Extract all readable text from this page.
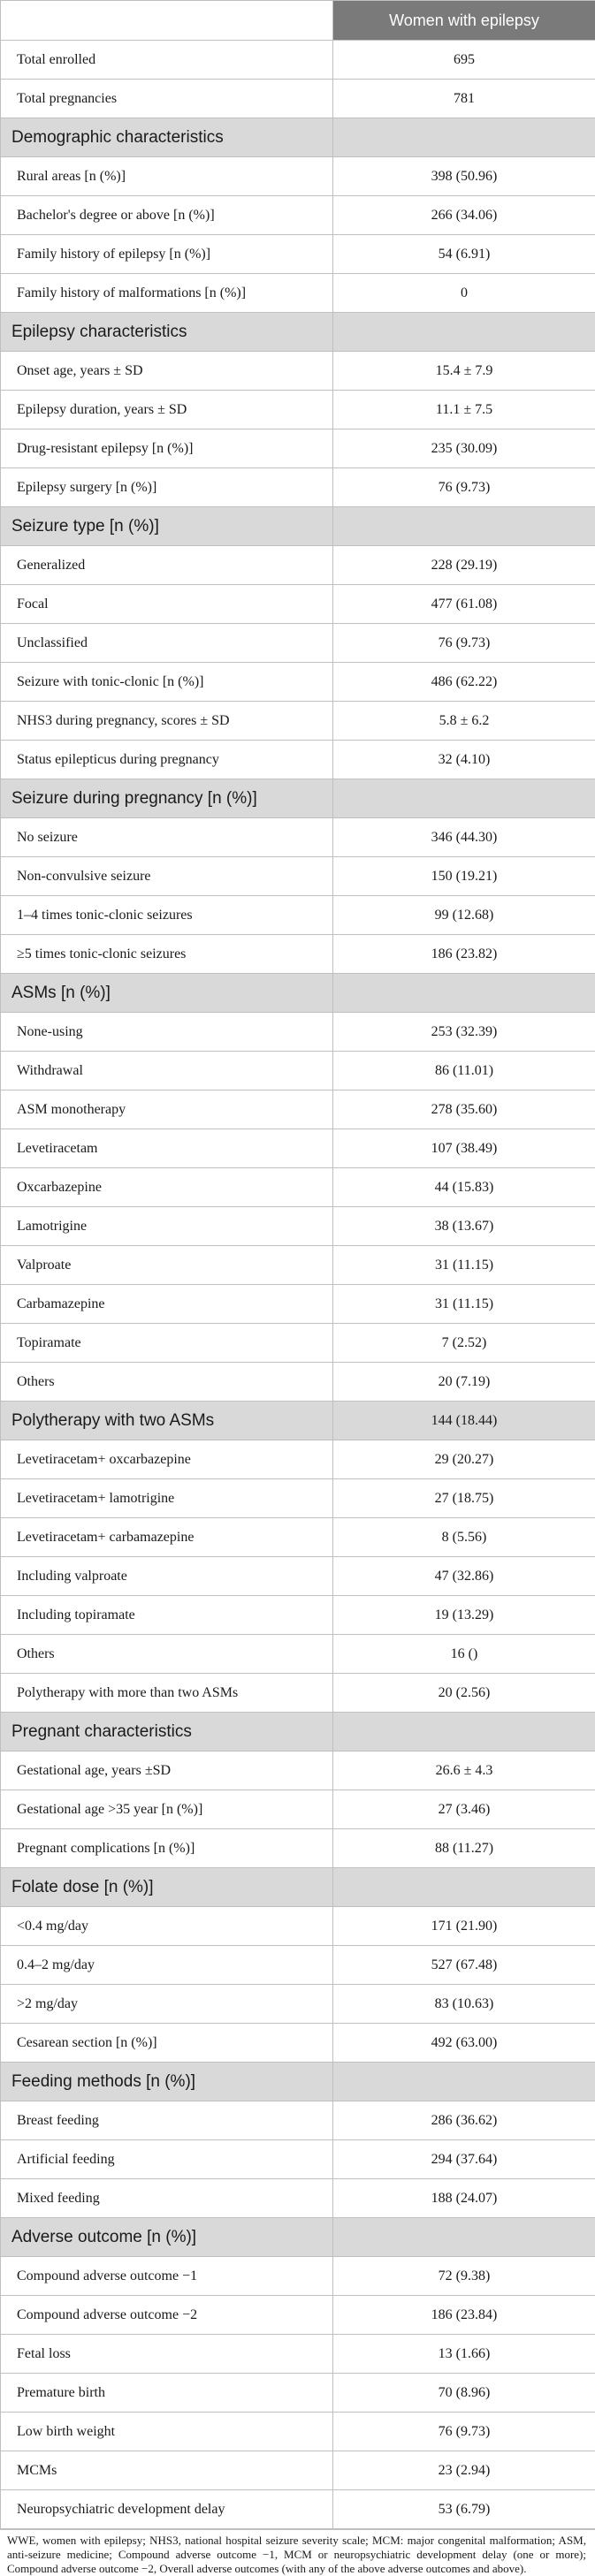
	Women with epilepsy
Total enrolled	695
Total pregnancies	781
Demographic characteristics	
Rural areas [n (%)]	398 (50.96)
Bachelor's degree or above [n (%)]	266 (34.06)
Family history of epilepsy [n (%)]	54 (6.91)
Family history of malformations [n (%)]	0
Epilepsy characteristics	
Onset age, years ± SD	15.4 ± 7.9
Epilepsy duration, years ± SD	11.1 ± 7.5
Drug-resistant epilepsy [n (%)]	235 (30.09)
Epilepsy surgery [n (%)]	76 (9.73)
Seizure type [n (%)]	
Generalized	228 (29.19)
Focal	477 (61.08)
Unclassified	76 (9.73)
Seizure with tonic-clonic [n (%)]	486 (62.22)
NHS3 during pregnancy, scores ± SD	5.8 ± 6.2
Status epilepticus during pregnancy	32 (4.10)
Seizure during pregnancy [n (%)]	
No seizure	346 (44.30)
Non-convulsive seizure	150 (19.21)
1–4 times tonic-clonic seizures	99 (12.68)
≥5 times tonic-clonic seizures	186 (23.82)
ASMs [n (%)]	
None-using	253 (32.39)
Withdrawal	86 (11.01)
ASM monotherapy	278 (35.60)
Levetiracetam	107 (38.49)
Oxcarbazepine	44 (15.83)
Lamotrigine	38 (13.67)
Valproate	31 (11.15)
Carbamazepine	31 (11.15)
Topiramate	7 (2.52)
Others	20 (7.19)
Polytherapy with two ASMs	144 (18.44)
Levetiracetam+ oxcarbazepine	29 (20.27)
Levetiracetam+ lamotrigine	27 (18.75)
Levetiracetam+ carbamazepine	8 (5.56)
Including valproate	47 (32.86)
Including topiramate	19 (13.29)
Others	16 ()
Polytherapy with more than two ASMs	20 (2.56)
Pregnant characteristics	
Gestational age, years ±SD	26.6 ± 4.3
Gestational age >35 year [n (%)]	27 (3.46)
Pregnant complications [n (%)]	88 (11.27)
Folate dose [n (%)]	
<0.4 mg/day	171 (21.90)
0.4–2 mg/day	527 (67.48)
>2 mg/day	83 (10.63)
Cesarean section [n (%)]	492 (63.00)
Feeding methods [n (%)]	
Breast feeding	286 (36.62)
Artificial feeding	294 (37.64)
Mixed feeding	188 (24.07)
Adverse outcome [n (%)]	
Compound adverse outcome −1	72 (9.38)
Compound adverse outcome −2	186 (23.84)
Fetal loss	13 (1.66)
Premature birth	70 (8.96)
Low birth weight	76 (9.73)
MCMs	23 (2.94)
Neuropsychiatric development delay	53 (6.79)
WWE, women with epilepsy; NHS3, national hospital seizure severity scale; MCM: major congenital malformation; ASM, anti-seizure medicine; Compound adverse outcome −1, MCM or neuropsychiatric development delay (one or more); Compound adverse outcome −2, Overall adverse outcomes (with any of the above adverse outcomes and above).
